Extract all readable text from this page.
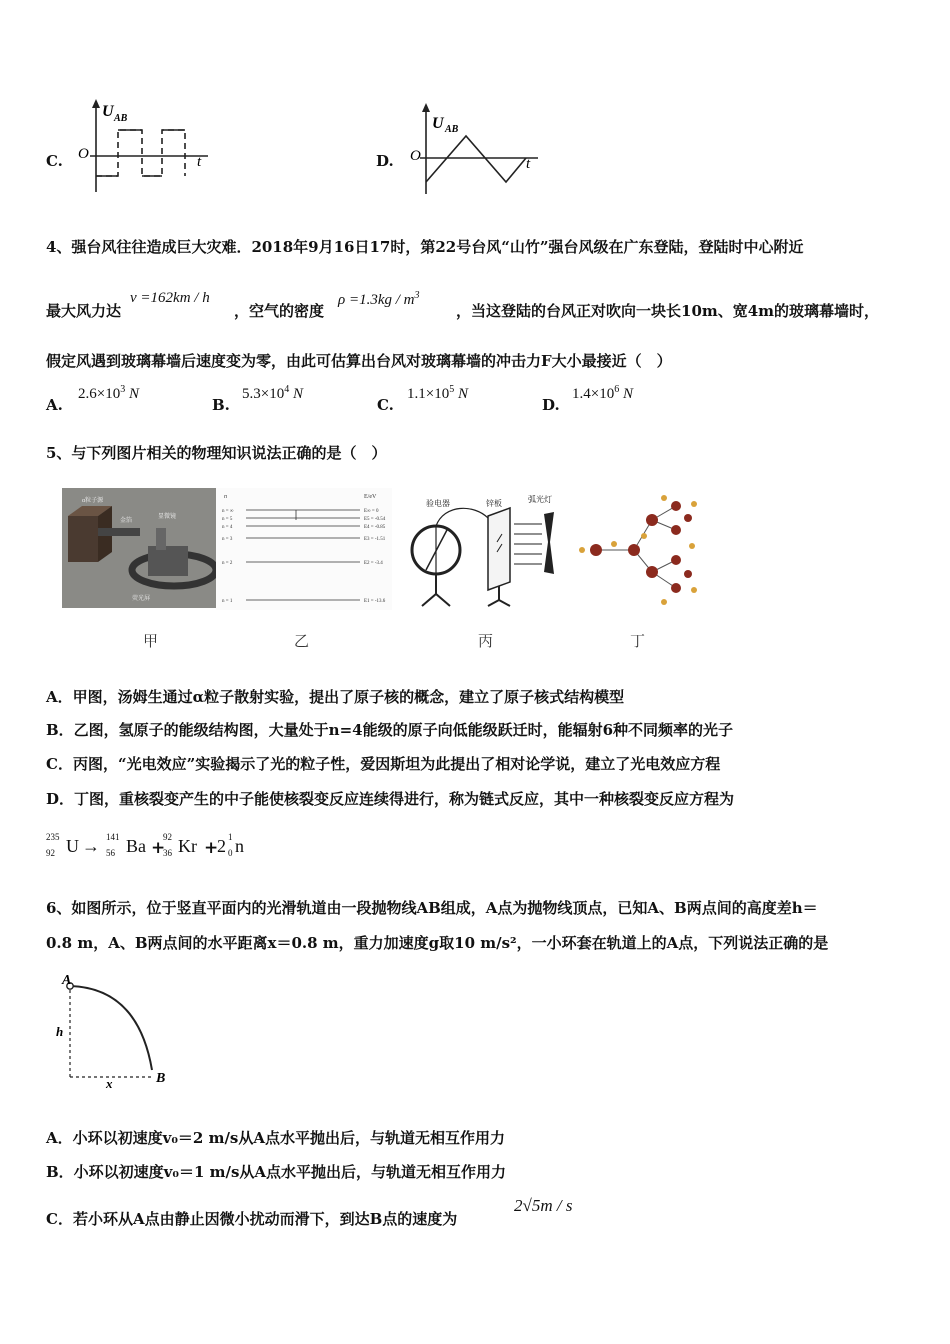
C.
U AB
O	t	D.
U AB
O	t
4、强台风往往造成巨大灾难．2018年9月16日17时，第22号台风“山竹”强台风级在广东登陆，登陆时中心附近
最大风力达
v =162km / h
，空气的密度
$\rho =1.3kg / m^3$
，当这登陆的台风正对吹向一块长10m、宽4m的玻璃幕墙时，
假定风遇到玻璃幕墙后速度变为零，由此可估算出台风对玻璃幕墙的冲击力F大小最接近（　）
A.
$2.6\times 10^3$ N
B.
$5.3\times 10^4$ N
C.
$1.1\times 10^5$ N
D.
$1.4\times 10^6$ N
5、与下列图片相关的物理知识说法正确的是（　）
α粒子源
金箔
显微镜
荧光屏
n	E/eV
n = ∞
n = 5
n = 4
n = 3
n = 2
n = 1
E∞ = 0
E5 = -0.54
E4 = -0.85
E3 = -1.51
E2 = -3.4
E1 = -13.6
验电器	锌板	弧光灯
甲	乙	丙	丁
A．甲图，汤姆生通过α粒子散射实验，提出了原子核的概念，建立了原子核式结构模型
B．乙图，氢原子的能级结构图，大量处于n=4能级的原子向低能级跃迁时，能辐射6种不同频率的光子
C．丙图，“光电效应”实验揭示了光的粒子性，爱因斯坦为此提出了相对论学说，建立了光电效应方程
D．丁图，重核裂变产生的中子能使核裂变反应连续得进行，称为链式反应，其中一种核裂变反应方程为
235
92 U → 141
56 Ba +
92
36 Kr +
2 1
0 n
6、如图所示，位于竖直平面内的光滑轨道由一段抛物线AB组成，A点为抛物线顶点，已知A、B两点间的高度差h＝
0.8 m，A、B两点间的水平距离x＝0.8 m，重力加速度g取10 m/s²，一小环套在轨道上的A点，下列说法正确的是
A
B
h
x
A．小环以初速度v₀＝2 m/s从A点水平抛出后，与轨道无相互作用力
B．小环以初速度v₀＝1 m/s从A点水平抛出后，与轨道无相互作用力
C．若小环从A点由静止因微小扰动而滑下，到达B点的速度为
2√5m / s
